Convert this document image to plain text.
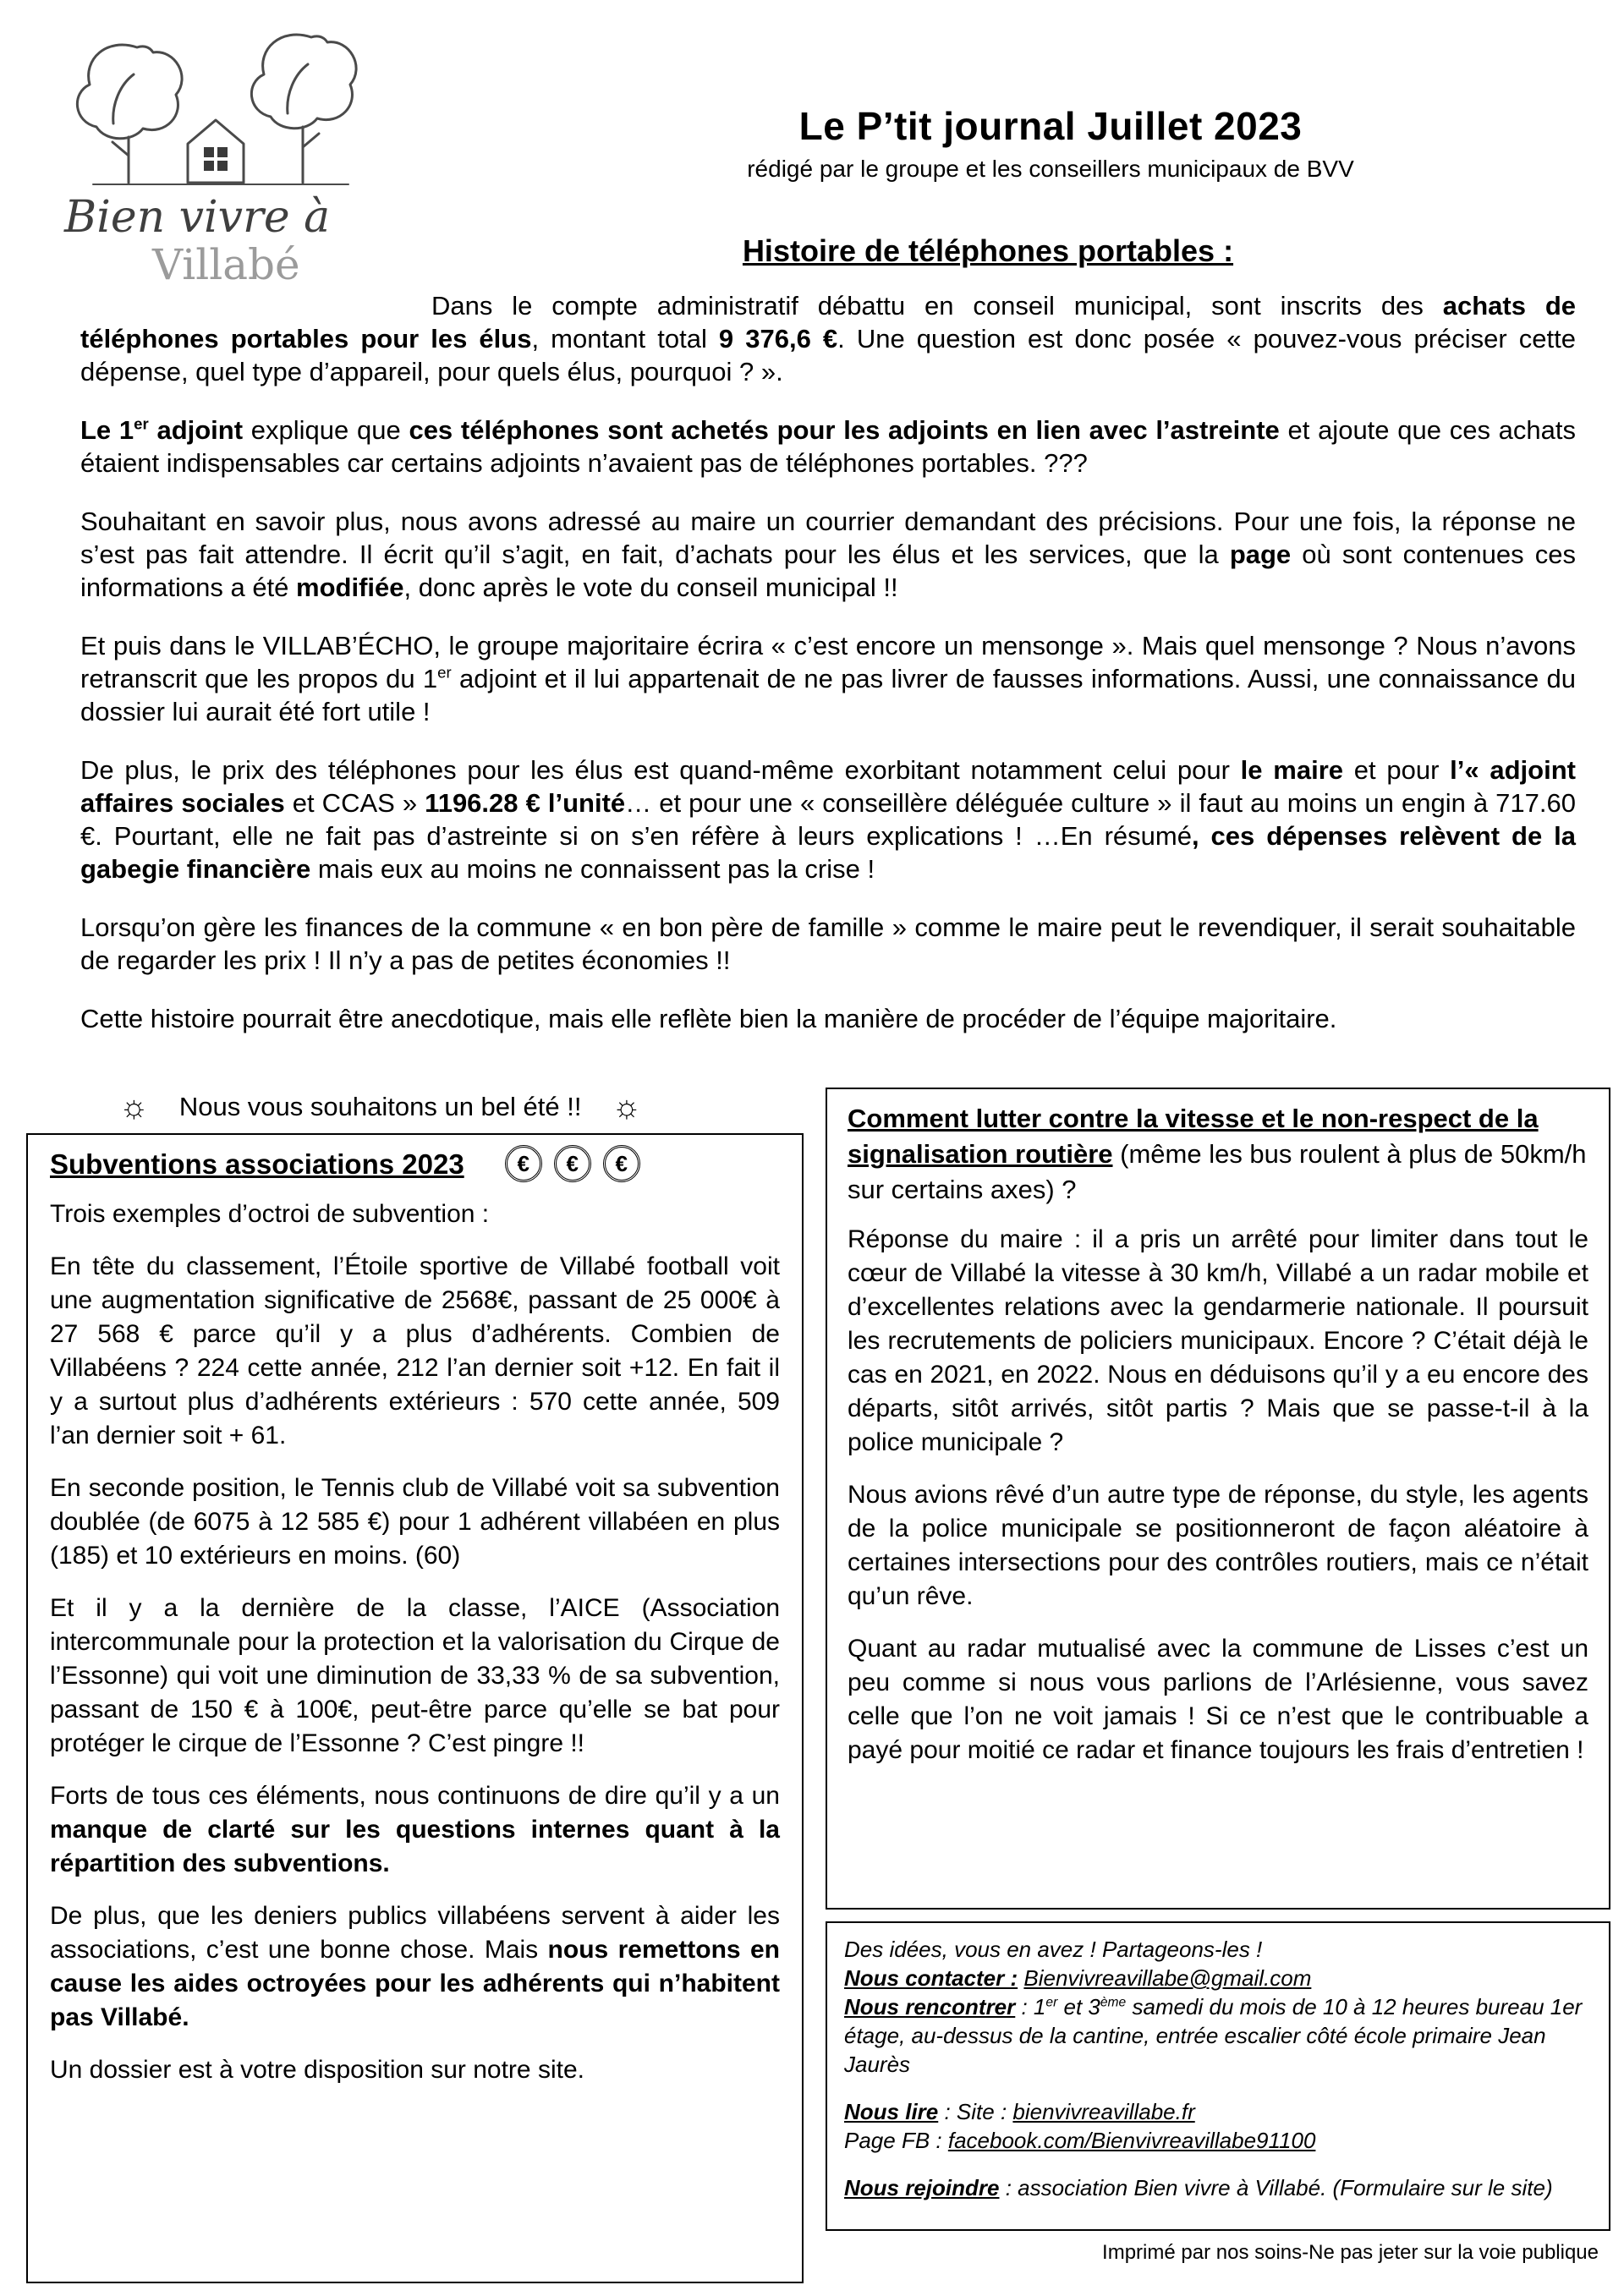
Bien vivre à
Villabé
Le P’tit journal Juillet 2023
rédigé par le groupe et les conseillers municipaux de BVV
Histoire de téléphones portables :
Dans le compte administratif débattu en conseil municipal, sont inscrits des achats de téléphones portables pour les élus, montant total 9 376,6 €. Une question est donc posée « pouvez-vous préciser cette dépense, quel type d’appareil, pour quels élus, pourquoi ? ».
Le 1er adjoint explique que ces téléphones sont achetés pour les adjoints en lien avec l’astreinte et ajoute que ces achats étaient indispensables car certains adjoints n’avaient pas de téléphones portables. ???
Souhaitant en savoir plus, nous avons adressé au maire un courrier demandant des précisions. Pour une fois, la réponse ne s’est pas fait attendre. Il écrit qu’il s’agit, en fait, d’achats pour les élus et les services, que la page où sont contenues ces informations a été modifiée, donc après le vote du conseil municipal !!
Et puis dans le VILLAB’ÉCHO, le groupe majoritaire écrira « c’est encore un mensonge ». Mais quel mensonge ? Nous n’avons retranscrit que les propos du 1er adjoint et il lui appartenait de ne pas livrer de fausses informations. Aussi, une connaissance du dossier lui aurait été fort utile !
De plus, le prix des téléphones pour les élus est quand-même exorbitant notamment celui pour le maire et pour l’« adjoint affaires sociales et CCAS » 1196.28 € l’unité… et pour une « conseillère déléguée culture » il faut au moins un engin à 717.60 €. Pourtant, elle ne fait pas d’astreinte si on s’en réfère à leurs explications ! …En résumé, ces dépenses relèvent de la gabegie financière mais eux au moins ne connaissent pas la crise !
Lorsqu’on gère les finances de la commune « en bon père de famille » comme le maire peut le revendiquer, il serait souhaitable de regarder les prix ! Il n’y a pas de petites économies !!
Cette histoire pourrait être anecdotique, mais elle reflète bien la manière de procéder de l’équipe majoritaire.
☼ Nous vous souhaitons un bel été !! ☼
Subventions associations 2023	€	€	€
Trois exemples d’octroi de subvention :
En tête du classement, l’Étoile sportive de Villabé football voit une augmentation significative de 2568€, passant de 25 000€ à 27 568 € parce qu’il y a plus d’adhérents. Combien de Villabéens ? 224 cette année, 212 l’an dernier soit +12. En fait il y a surtout plus d’adhérents extérieurs : 570 cette année, 509 l’an dernier soit + 61.
En seconde position, le Tennis club de Villabé voit sa subvention doublée (de 6075 à 12 585 €) pour 1 adhérent villabéen en plus (185) et 10 extérieurs en moins. (60)
Et il y a la dernière de la classe, l’AICE (Association intercommunale pour la protection et la valorisation du Cirque de l’Essonne) qui voit une diminution de 33,33 % de sa subvention, passant de 150 € à 100€, peut-être parce qu’elle se bat pour protéger le cirque de l’Essonne ? C’est pingre !!
Forts de tous ces éléments, nous continuons de dire qu’il y a un manque de clarté sur les questions internes quant à la répartition des subventions.
De plus, que les deniers publics villabéens servent à aider les associations, c’est une bonne chose. Mais nous remettons en cause les aides octroyées pour les adhérents qui n’habitent pas Villabé.
Un dossier est à votre disposition sur notre site.
Comment lutter contre la vitesse et le non-respect de la signalisation routière (même les bus roulent à plus de 50km/h sur certains axes) ?
Réponse du maire : il a pris un arrêté pour limiter dans tout le cœur de Villabé la vitesse à 30 km/h, Villabé a un radar mobile et d’excellentes relations avec la gendarmerie nationale. Il poursuit les recrutements de policiers municipaux. Encore ? C’était déjà le cas en 2021, en 2022. Nous en déduisons qu’il y a eu encore des départs, sitôt arrivés, sitôt partis ? Mais que se passe-t-il à la police municipale ?
Nous avions rêvé d’un autre type de réponse, du style, les agents de la police municipale se positionneront de façon aléatoire à certaines intersections pour des contrôles routiers, mais ce n’était qu’un rêve.
Quant au radar mutualisé avec la commune de Lisses c’est un peu comme si nous vous parlions de l’Arlésienne, vous savez celle que l’on ne voit jamais ! Si ce n’est que le contribuable a payé pour moitié ce radar et finance toujours les frais d’entretien !
Des idées, vous en avez ! Partageons-les !
Nous contacter : Bienvivreavillabe@gmail.com
Nous rencontrer : 1er et 3ème samedi du mois de 10 à 12 heures bureau 1er étage, au-dessus de la cantine, entrée escalier côté école primaire Jean Jaurès
Nous lire : Site : bienvivreavillabe.fr
Page FB : facebook.com/Bienvivreavillabe91100
Nous rejoindre : association Bien vivre à Villabé. (Formulaire sur le site)
Imprimé par nos soins-Ne pas jeter sur la voie publique
